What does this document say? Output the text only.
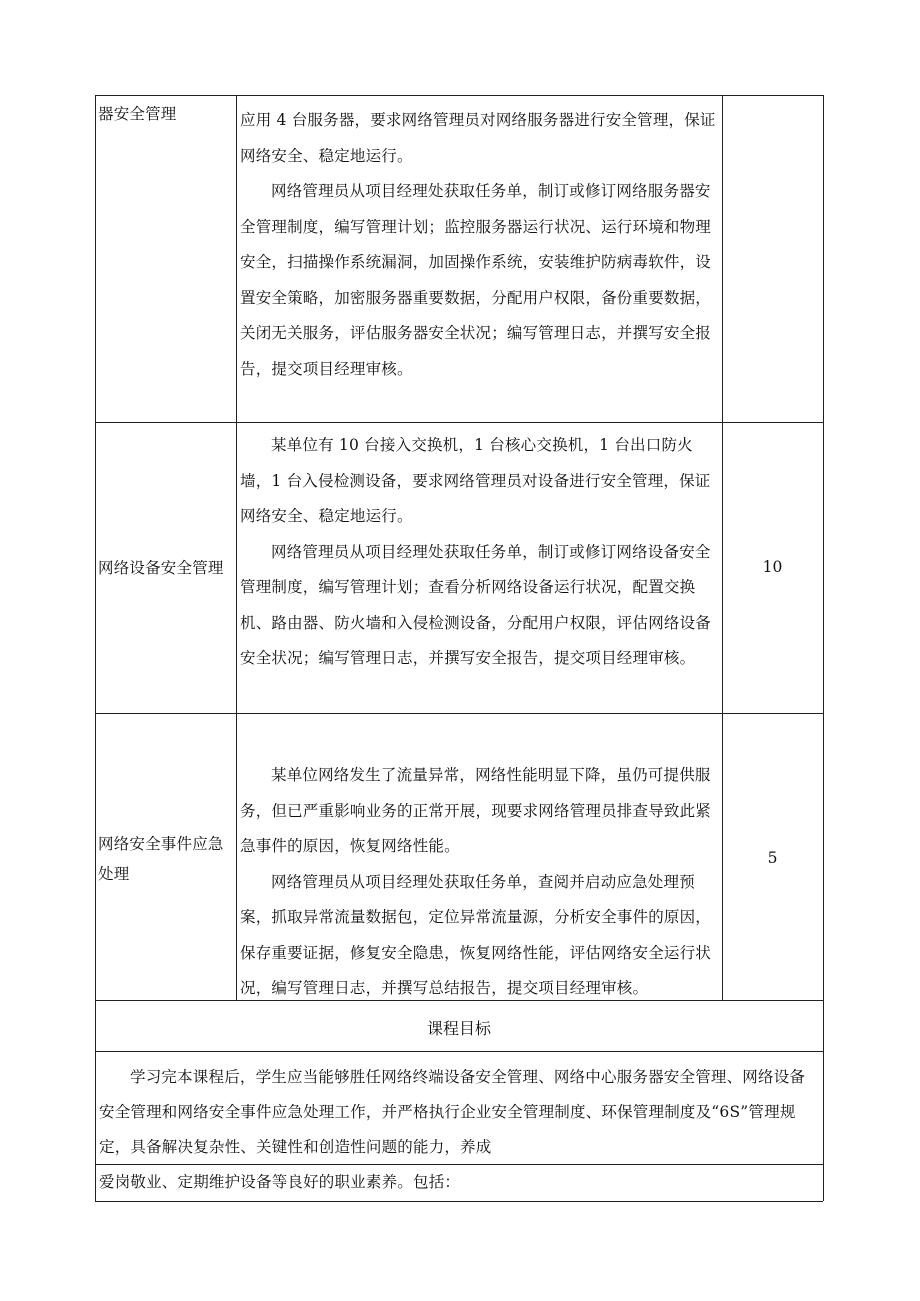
器安全管理	应用 4 台服务器，要求网络管理员对网络服务器进行安全管理，保证网络安全、稳定地运行。
网络管理员从项目经理处获取任务单，制订或修订网络服务器安全管理制度，编写管理计划；监控服务器运行状况、运行环境和物理安全，扫描操作系统漏洞，加固操作系统，安装维护防病毒软件，设置安全策略，加密服务器重要数据，分配用户权限，备份重要数据，关闭无关服务，评估服务器安全状况；编写管理日志，并撰写安全报告，提交项目经理审核。
网络设备安全管理
某单位有 10 台接入交换机，1 台核心交换机，1 台出口防火墙，1 台入侵检测设备，要求网络管理员对设备进行安全管理，保证网络安全、稳定地运行。
网络管理员从项目经理处获取任务单，制订或修订网络设备安全管理制度，编写管理计划；查看分析网络设备运行状况，配置交换机、路由器、防火墙和入侵检测设备，分配用户权限，评估网络设备安全状况；编写管理日志，并撰写安全报告，提交项目经理审核。
10
网络安全事件应急处理
某单位网络发生了流量异常，网络性能明显下降，虽仍可提供服务，但已严重影响业务的正常开展，现要求网络管理员排查导致此紧急事件的原因，恢复网络性能。
网络管理员从项目经理处获取任务单，查阅并启动应急处理预案，抓取异常流量数据包，定位异常流量源，分析安全事件的原因，保存重要证据，修复安全隐患，恢复网络性能，评估网络安全运行状况，编写管理日志，并撰写总结报告，提交项目经理审核。
5
课程目标
学习完本课程后，学生应当能够胜任网络终端设备安全管理、网络中心服务器安全管理、网络设备安全管理和网络安全事件应急处理工作，并严格执行企业安全管理制度、环保管理制度及“6S”管理规定，具备解决复杂性、关键性和创造性问题的能力，养成
爱岗敬业、定期维护设备等良好的职业素养。包括：
